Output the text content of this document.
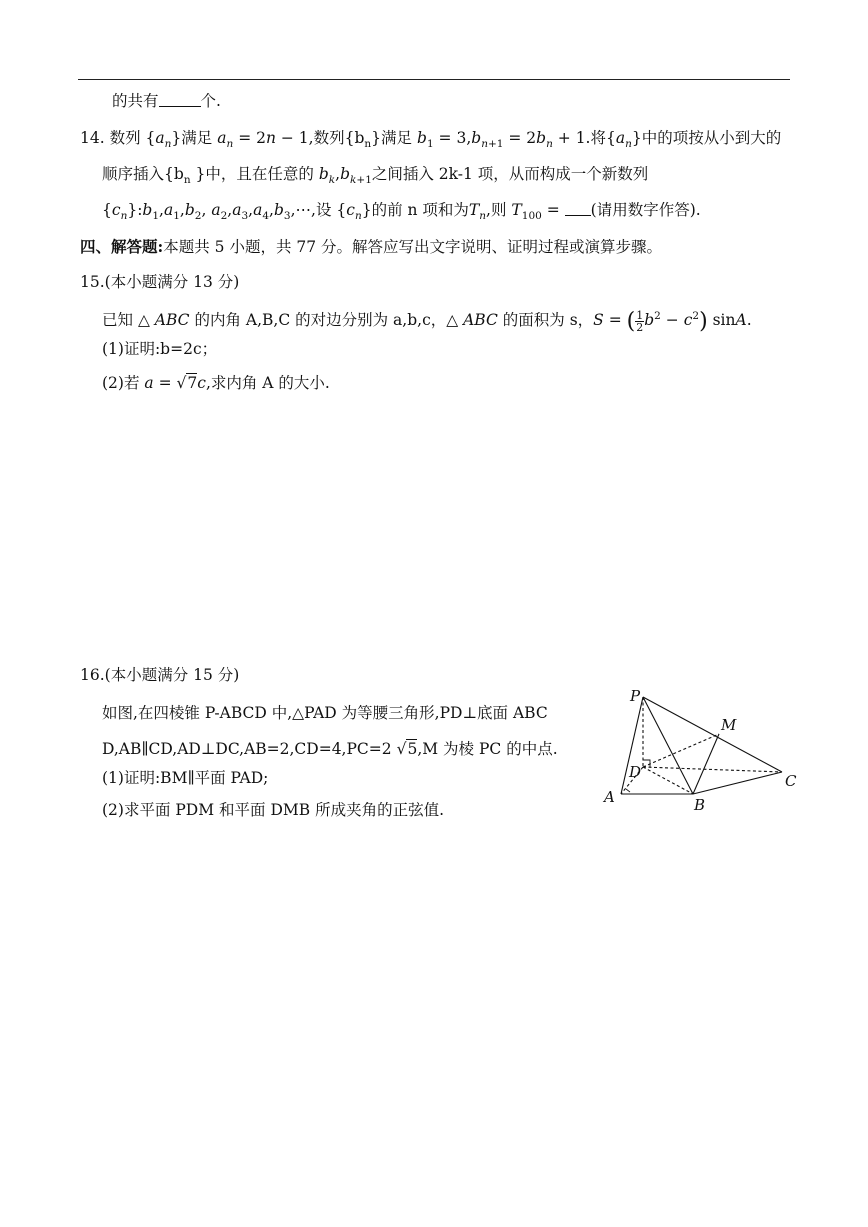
的共有	个.
14. 数列 $\{a_n\}$满足 $a_n = 2n - 1$,数列$\{b_n\}$满足 $b_1 = 3,b_{n+1} = 2b_n + 1$.将$\{a_n\}$中的项按从小到大的
顺序插入{$b_n$ }中，且在任意的 $b_k,b_{k+1}$之间插入 2k-1 项，从而构成一个新数列
$\{c_n\}:b_1,a_1,b_2$, $a_2,a_3,a_4,b_3,\cdots$,设 $\{c_n\}$的前 n 项和为$T_n$,则 $T_{100}$ = (请用数字作答).
四、解答题:本题共 5 小题，共 77 分。解答应写出文字说明、证明过程或演算步骤。
15.(本小题满分 13 分)
已知 △ ABC 的内角 A,B,C 的对边分别为 a,b,c，△ ABC 的面积为 s，S = ( $\frac{1}{2} b^2 - c^2$) sinA.
(1)证明:b=2c；
(2)若 a = √7c,求内角 A 的大小.
16.(本小题满分 15 分)
如图,在四棱锥 P-ABCD 中,△PAD 为等腰三角形,PD⊥底面 ABC
D,AB∥CD,AD⊥DC,AB=2,CD=4,PC=2 √5,M 为棱 PC 的中点.
(1)证明:BM∥平面 PAD;
(2)求平面 PDM 和平面 DMB 所成夹角的正弦值.
P
M
D	C
A	B
